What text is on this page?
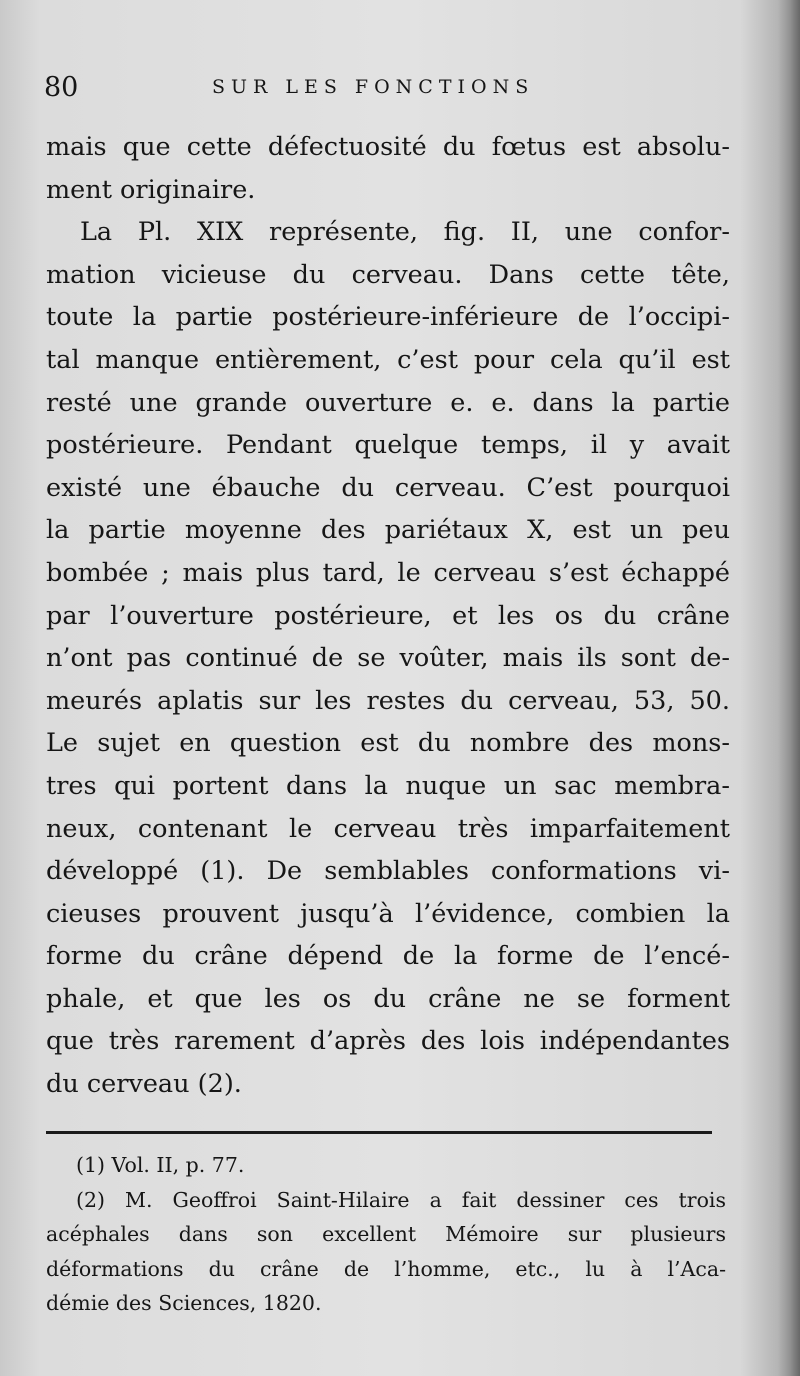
80	SUR LES FONCTIONS
mais que cette défectuosité du fœtus est absolu-
ment originaire.
La Pl. XIX représente, fig. II, une confor-
mation vicieuse du cerveau. Dans cette tête,
toute la partie postérieure-inférieure de l’occipi-
tal manque entièrement, c’est pour cela qu’il est
resté une grande ouverture e. e. dans la partie
postérieure. Pendant quelque temps, il y avait
existé une ébauche du cerveau. C’est pourquoi
la partie moyenne des pariétaux X, est un peu
bombée ; mais plus tard, le cerveau s’est échappé
par l’ouverture postérieure, et les os du crâne
n’ont pas continué de se voûter, mais ils sont de-
meurés aplatis sur les restes du cerveau, 53, 50.
Le sujet en question est du nombre des mons-
tres qui portent dans la nuque un sac membra-
neux, contenant le cerveau très imparfaitement
développé (1). De semblables conformations vi-
cieuses prouvent jusqu’à l’évidence, combien la
forme du crâne dépend de la forme de l’encé-
phale, et que les os du crâne ne se forment
que très rarement d’après des lois indépendantes
du cerveau (2).
(1) Vol. II, p. 77.
(2) M. Geoffroi Saint-Hilaire a fait dessiner ces trois
acéphales dans son excellent Mémoire sur plusieurs
déformations du crâne de l’homme, etc., lu à l’Aca-
démie des Sciences, 1820.
